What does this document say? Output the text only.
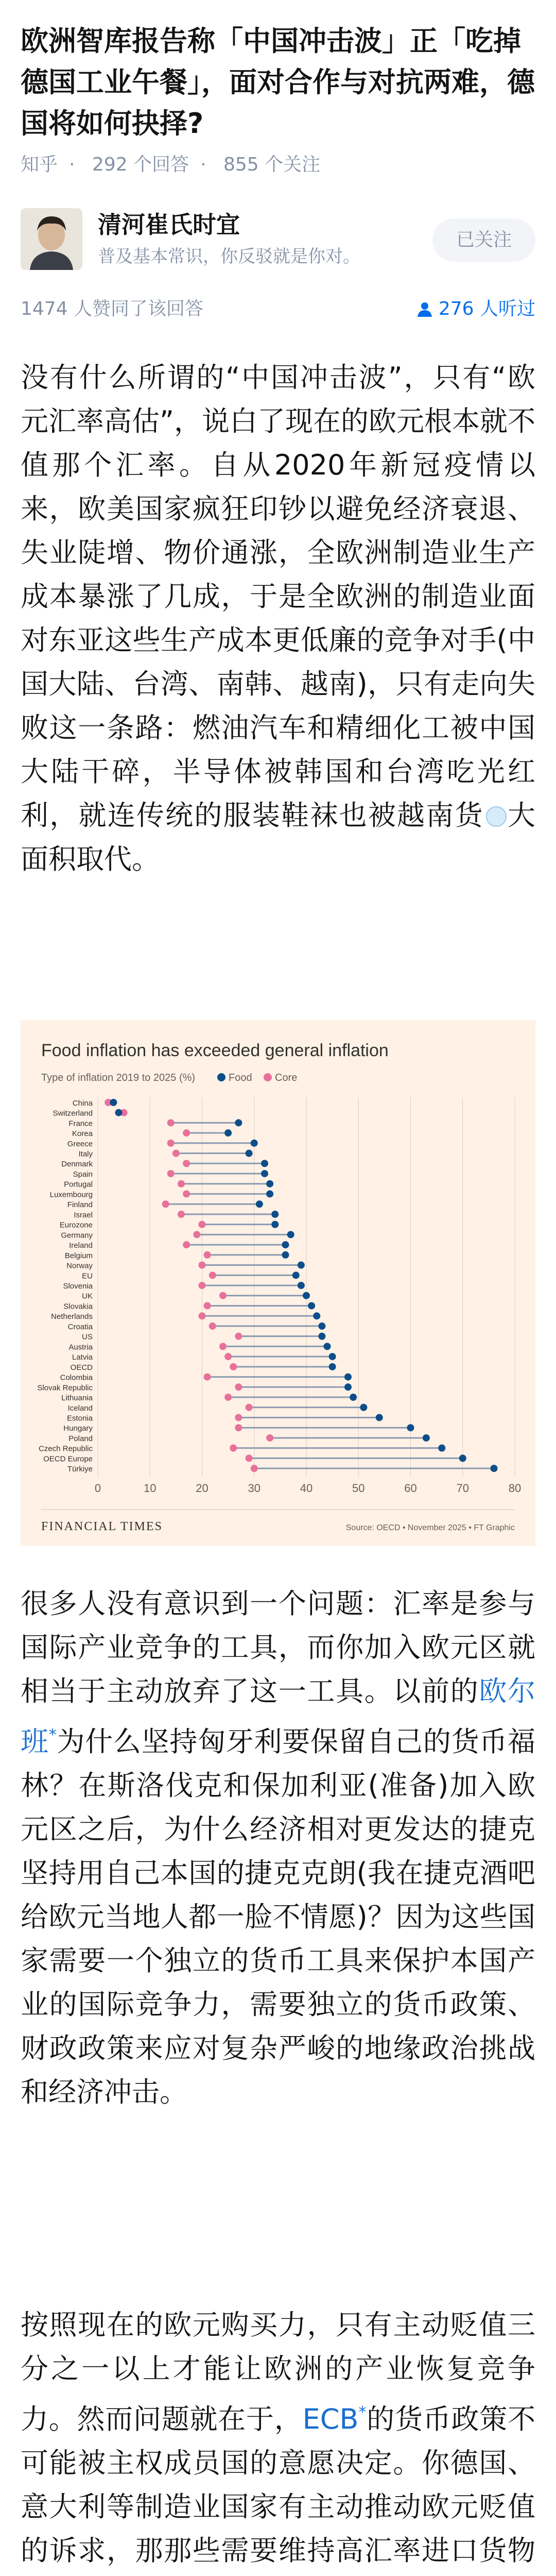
欧洲智库报告称「中国冲击波」正「吃掉德国工业午餐」，面对合作与对抗两难，德国将如何抉择?
知乎 · 292 个回答 · 855 个关注
清河崔氏时宜
普及基本常识，你反驳就是你对。
已关注
1474 人赞同了该回答	276 人听过

没有什么所谓的“中国冲击波”，只有“欧元汇率高估”，说白了现在的欧元根本就不值那个汇率。自从2020年新冠疫情以来，欧美国家疯狂印钞以避免经济衰退、失业陡增、物价通涨，全欧洲制造业生产成本暴涨了几成，于是全欧洲的制造业面对东亚这些生产成本更低廉的竞争对手(中国大陆、台湾、南韩、越南)，只有走向失败这一条路：燃油汽车和精细化工被中国大陆干碎，半导体被韩国和台湾吃光红利，就连传统的服装鞋袜也被越南货 大面积取代。

Food inflation has exceeded general inflation
Type of inflation 2019 to 2025 (%)	Food Core
0	10	20	30	40	50	60	70	80
China
Switzerland
France
Korea
Greece
Italy
Denmark
Spain
Portugal
Luxembourg
Finland
Israel
Eurozone
Germany
Ireland
Belgium
Norway
EU
Slovenia
UK
Slovakia
Netherlands
Croatia
US
Austria
Latvia
OECD
Colombia
Slovak Republic
Lithuania
Iceland
Estonia
Hungary
Poland
Czech Republic
OECD Europe
Türkiye
FINANCIAL TIMES	Source: OECD • November 2025 • FT Graphic

很多人没有意识到一个问题：汇率是参与国际产业竞争的工具，而你加入欧元区就相当于主动放弃了这一工具。以前的欧尔班*为什么坚持匈牙利要保留自己的货币福林？在斯洛伐克和保加利亚(准备)加入欧元区之后，为什么经济相对更发达的捷克坚持用自己本国的捷克克朗(我在捷克酒吧给欧元当地人都一脸不情愿)？因为这些国家需要一个独立的货币工具来保护本国产业的国际竞争力，需要独立的货币政策、财政政策来应对复杂严峻的地缘政治挑战和经济冲击。

按照现在的欧元购买力，只有主动贬值三分之一以上才能让欧洲的产业恢复竞争力。然而问题就在于，ECB*的货币政策不可能被主权成员国的意愿决定。你德国、意大利等制造业国家有主动推动欧元贬值的诉求，那那些需要维持高汇率进口货物
